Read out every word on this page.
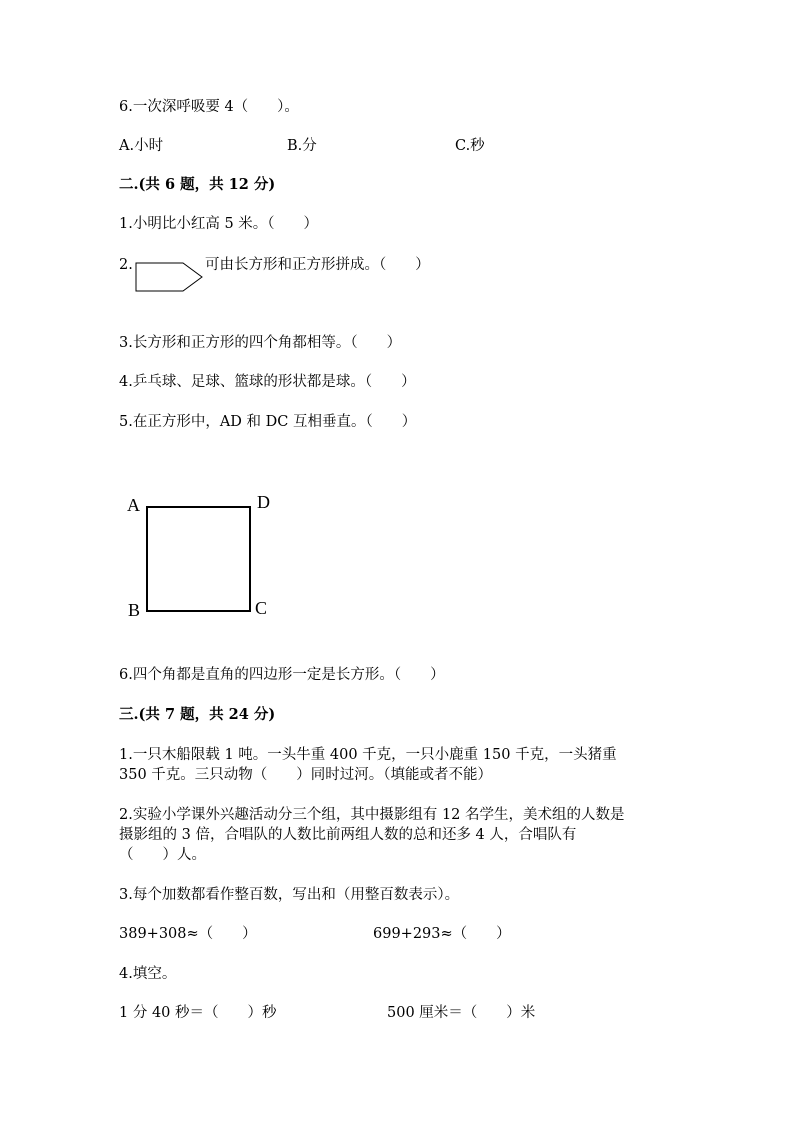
6.一次深呼吸要 4（　　）。
A.小时	B.分	C.秒
二.(共 6 题，共 12 分)
1.小明比小红高 5 米。（　　）
2.	可由长方形和正方形拼成。（　　）
3.长方形和正方形的四个角都相等。（　　）
4.乒乓球、足球、篮球的形状都是球。（　　）
5.在正方形中，AD 和 DC 互相垂直。（　　）
A	D
B	C
6.四个角都是直角的四边形一定是长方形。（　　）
三.(共 7 题，共 24 分)
1.一只木船限载 1 吨。一头牛重 400 千克，一只小鹿重 150 千克，一头猪重
350 千克。三只动物（　　）同时过河。（填能或者不能）
2.实验小学课外兴趣活动分三个组，其中摄影组有 12 名学生，美术组的人数是
摄影组的 3 倍，合唱队的人数比前两组人数的总和还多 4 人，合唱队有
（　　）人。
3.每个加数都看作整百数，写出和（用整百数表示）。
389+308≈（　　）	699+293≈（　　）
4.填空。
1 分 40 秒＝（　　）秒	500 厘米＝（　　）米
